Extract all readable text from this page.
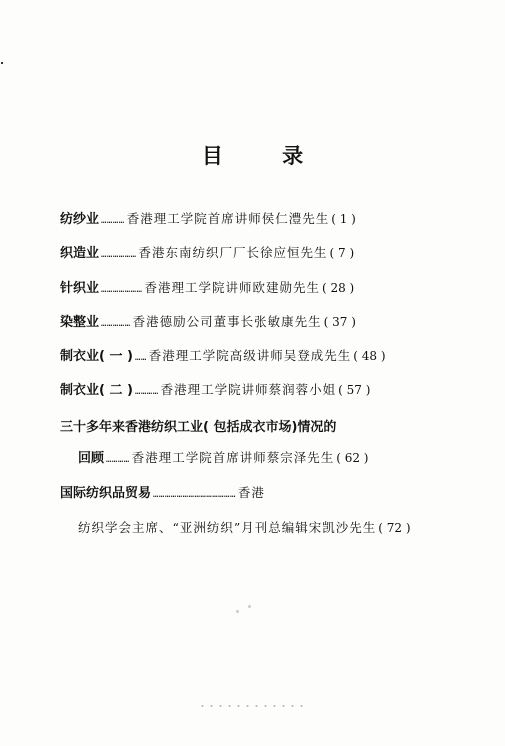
目 录
纺纱业 ………… 香港理工学院首席讲师侯仁澧先生 ( 1 )
织造业 ……………… 香港东南纺织厂厂长徐应恒先生 ( 7 )
针织业 ………………… 香港理工学院讲师欧建勋先生 ( 28 )
染整业 …………… 香港德励公司董事长张敏康先生 ( 37 )
制衣业( 一 ) …… 香港理工学院高级讲师吴登成先生 ( 48 )
制衣业( 二 ) ………… 香港理工学院讲师蔡润蓉小姐 ( 57 )
三十多年来香港纺织工业( 包括成衣市场)情况的
回顾 ………… 香港理工学院首席讲师蔡宗泽先生 ( 62 )
国际纺织品贸易 …………………………………… 香港
纺织学会主席、“亚洲纺织”月刊总编辑宋凯沙先生 ( 72 )
